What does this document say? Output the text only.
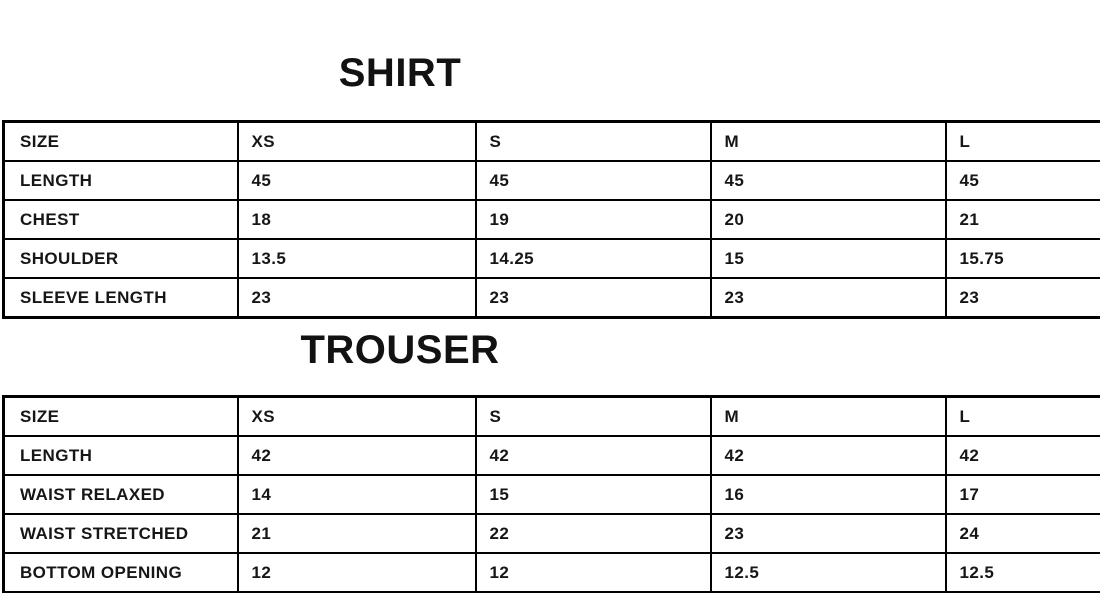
SHIRT
SIZE	XS	S	M	L
LENGTH	45	45	45	45
CHEST	18	19	20	21
SHOULDER	13.5	14.25	15	15.75
SLEEVE LENGTH	23	23	23	23
TROUSER
SIZE	XS	S	M	L
LENGTH	42	42	42	42
WAIST RELAXED	14	15	16	17
WAIST STRETCHED	21	22	23	24
BOTTOM OPENING	12	12	12.5	12.5
